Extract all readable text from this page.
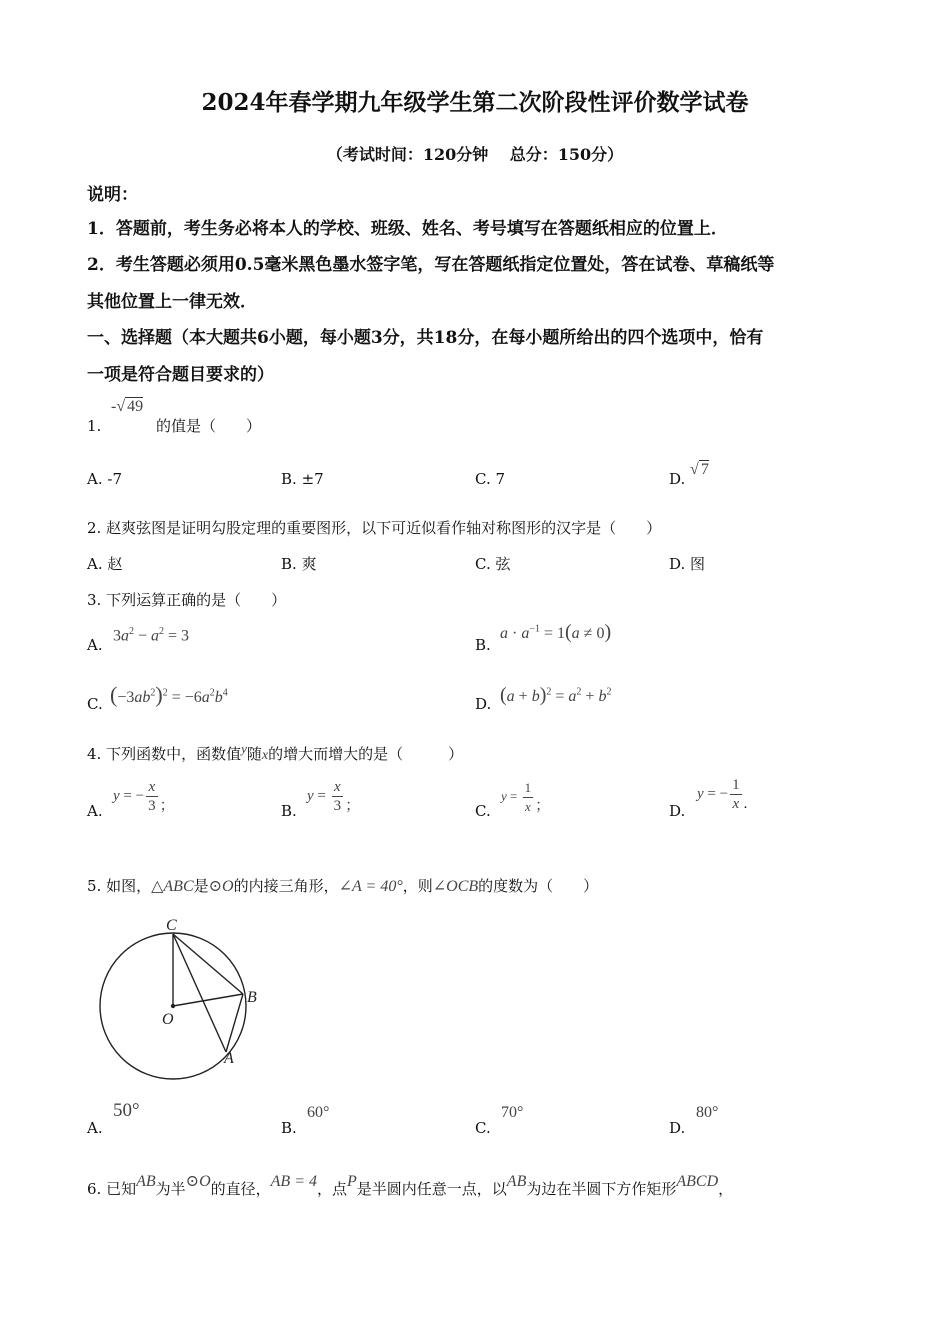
2024年春学期九年级学生第二次阶段性评价数学试卷
（考试时间：120分钟　 总分：150分）
说明：
1．答题前，考生务必将本人的学校、班级、姓名、考号填写在答题纸相应的位置上．
2．考生答题必须用0.5毫米黑色墨水签字笔，写在答题纸指定位置处，答在试卷、草稿纸等
其他位置上一律无效．
一、选择题（本大题共6小题，每小题3分，共18分，在每小题所给出的四个选项中，恰有
一项是符合题目要求的）
1.
-√ 49
的值是（　　）
A. -7	B. ±7	C. 7	D. √ 7
2. 赵爽弦图是证明勾股定理的重要图形，以下可近似看作轴对称图形的汉字是（　　）
A. 赵	B. 爽	C. 弦	D. 图
3. 下列运算正确的是（　　）
A.
$3a^2 - a^2 = 3$
B.
$a \cdot a^{-1} = 1(a \ne 0)$
C. $(-3ab^2)^2 = -6a^2b^4$
D. $(a + b)^2 = a^2 + b^2$
4. 下列函数中，函数值y随x的增大而增大的是（　　　）
A.
y = − $\frac{x}{3}$ ；	B.
$y = \frac{x}{3}$ ；	C.
$y = \frac{1}{x}$ ；	D.
y = − $\frac{1}{x}$ .
5. 如图，△ABC是⊙O的内接三角形，∠A = 40°，则∠OCB的度数为（　　）
C
B
O
A
A.
50°
B.
60°
C.
70°
D.
80°
6. 已知AB为半⊙O的直径，AB = 4，点P是半圆内任意一点，以AB为边在半圆下方作矩形ABCD，
